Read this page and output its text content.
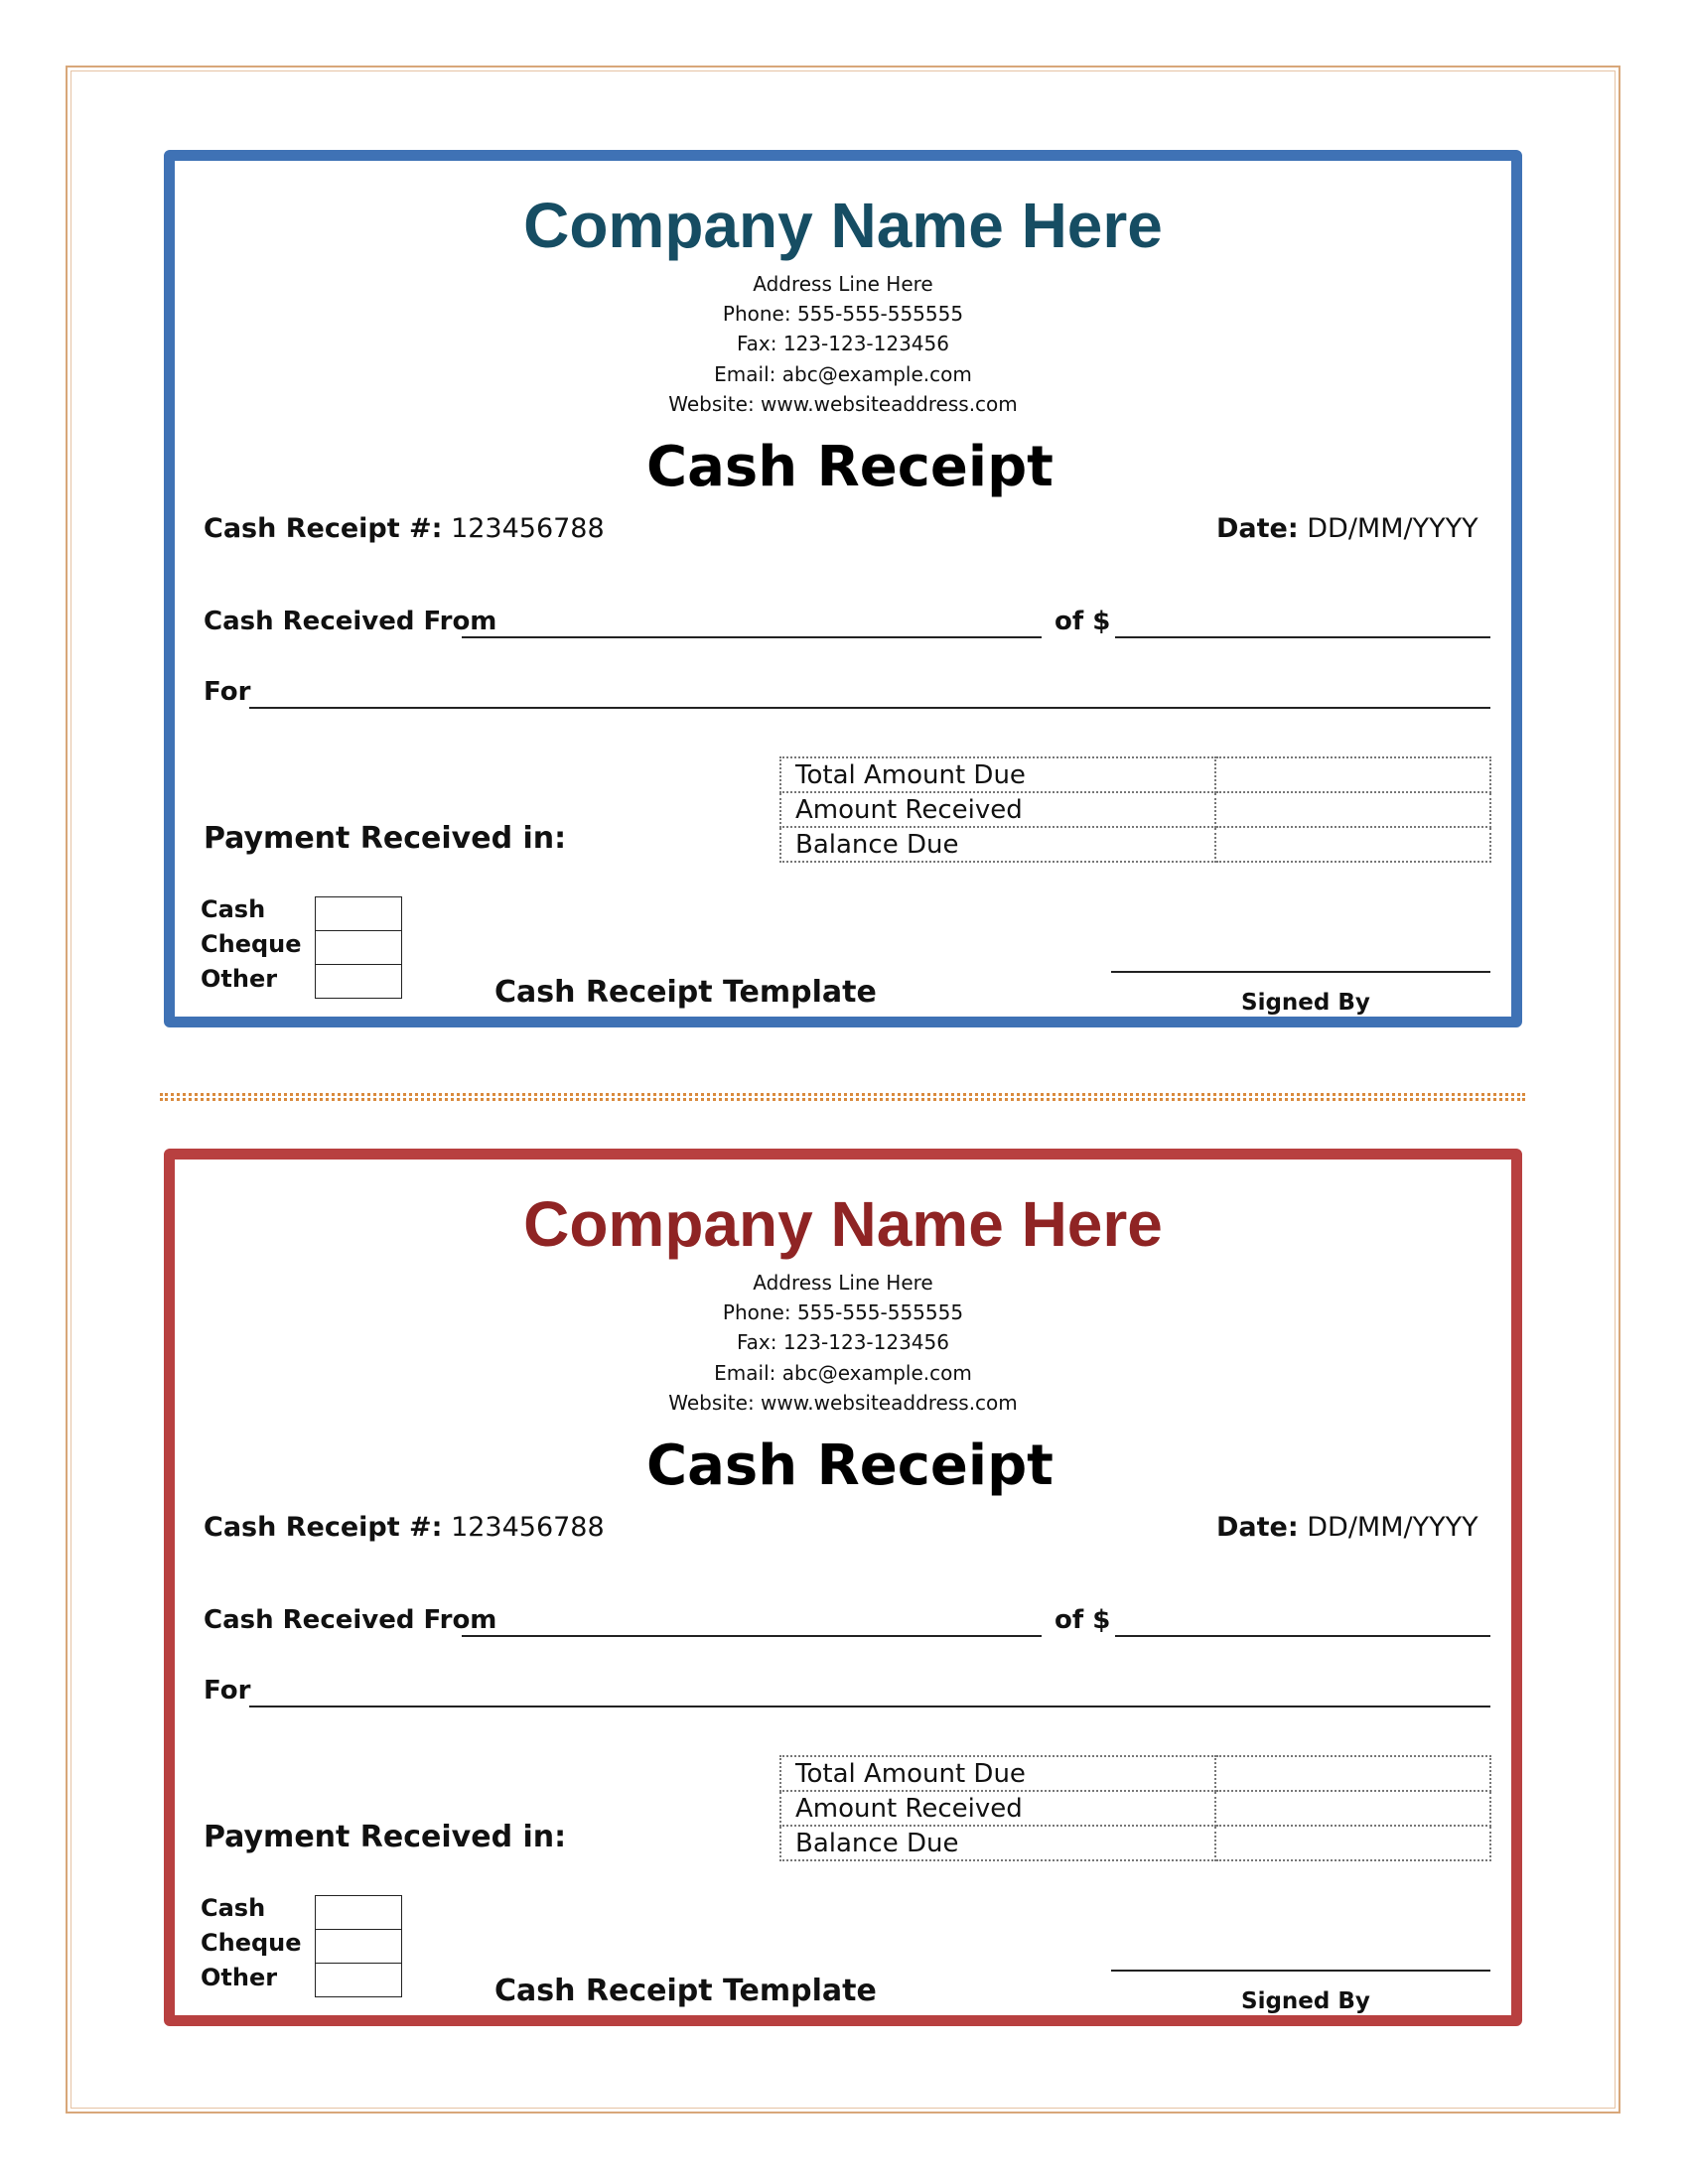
Company Name Here
Address Line Here
Phone: 555-555-555555
Fax: 123-123-123456
Email: abc@example.com
Website: www.websiteaddress.com
Cash Receipt
Cash Receipt #: 123456788	Date: DD/MM/YYYY
Cash Received From	of $
For
Total Amount Due	
Amount Received	
Balance Due	
Payment Received in:
Cash
Cheque
Other	Cash Receipt Template	Signed By
Company Name Here
Address Line Here
Phone: 555-555-555555
Fax: 123-123-123456
Email: abc@example.com
Website: www.websiteaddress.com
Cash Receipt
Cash Receipt #: 123456788	Date: DD/MM/YYYY
Cash Received From	of $
For
Total Amount Due	
Amount Received	
Balance Due	
Payment Received in:
Cash
Cheque
Other	Cash Receipt Template	Signed By
